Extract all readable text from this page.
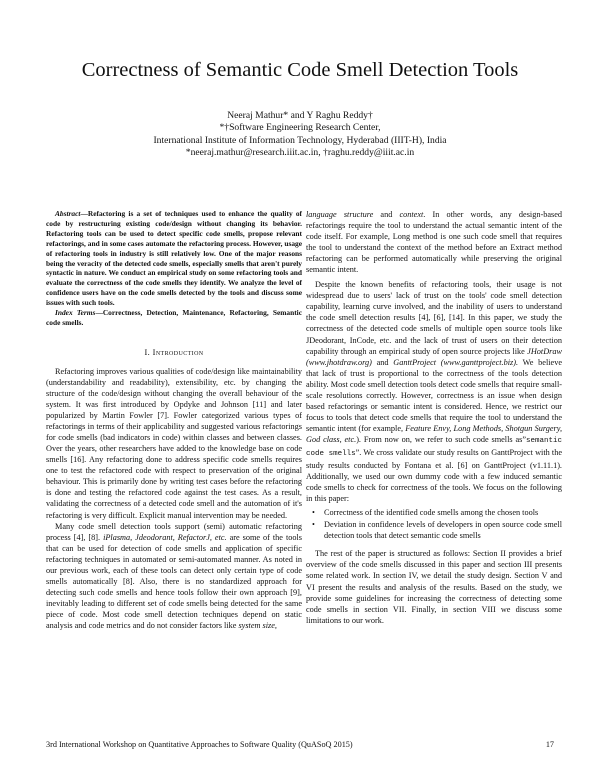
Correctness of Semantic Code Smell Detection Tools
Neeraj Mathur* and Y Raghu Reddy†
*†Software Engineering Research Center,
International Institute of Information Technology, Hyderabad (IIIT-H), India
*neeraj.mathur@research.iiit.ac.in, †raghu.reddy@iiit.ac.in

Abstract—Refactoring is a set of techniques used to enhance the quality of code by restructuring existing code/design without changing its behavior. Refactoring tools can be used to detect specific code smells, propose relevant refactorings, and in some cases automate the refactoring process. However, usage of refactoring tools in industry is still relatively low. One of the major reasons being the veracity of the detected code smells, especially smells that aren't purely syntactic in nature. We conduct an empirical study on some refactoring tools and evaluate the correctness of the code smells they identify. We analyze the level of confidence users have on the code smells detected by the tools and discuss some issues with such tools.

Index Terms—Correctness, Detection, Maintenance, Refactoring, Semantic code smells.

I. Introduction

Refactoring improves various qualities of code/design like maintainability (understandability and readability), extensibility, etc. by changing the structure of the code/design without changing the overall behaviour of the system. It was first introduced by Opdyke and Johnson [11] and later popularized by Martin Fowler [7]. Fowler categorized various types of refactorings in terms of their applicability and suggested various refactorings for code smells (bad indicators in code) within classes and between classes. Over the years, other researchers have added to the knowledge base on code smells [16]. Any refactoring done to address specific code smells requires one to test the refactored code with respect to preservation of the original behaviour. This is primarily done by writing test cases before the refactoring is done and testing the refactored code against the test cases. As a result, validating the correctness of a detected code smell and the automation of it's refactoring is very difficult. Explicit manual intervention may be needed.

Many code smell detection tools support (semi) automatic refactoring process [4], [8]. iPlasma, Jdeodorant, RefactorJ, etc. are some of the tools that can be used for detection of code smells and application of specific refactoring techniques in automated or semi-automated manner. As noted in our previous work, each of these tools can detect only certain type of code smells automatically [8]. Also, there is no standardized approach for detecting such code smells and hence tools follow their own approach [9], inevitably leading to different set of code smells being detected for the same piece of code. Most code smell detection techniques depend on static analysis and code metrics and do not consider factors like system size,

language structure and context. In other words, any design-based refactorings require the tool to understand the actual semantic intent of the code itself. For example, Long method is one such code smell that requires the tool to understand the context of the method before an Extract method refactoring can be performed automatically while preserving the original semantic intent.

Despite the known benefits of refactoring tools, their usage is not widespread due to users' lack of trust on the tools' code smell detection capability, learning curve involved, and the inability of users to understand the code smell detection results [4], [6], [14]. In this paper, we study the correctness of the detected code smells of multiple open source tools like JDeodorant, InCode, etc. and the lack of trust of users on their detection capability through an empirical study of open source projects like JHotDraw (www.jhotdraw.org) and GanttProject (www.ganttproject.biz). We believe that lack of trust is proportional to the correctness of the tools detection ability. Most code smell detection tools detect code smells that require small-scale resolutions correctly. However, correctness is an issue when design based refactorings or semantic intent is considered. Hence, we restrict our focus to tools that detect code smells that require the tool to understand the semantic intent (for example, Feature Envy, Long Methods, Shotgun Surgery, God class, etc.). From now on, we refer to such code smells as”semantic code smells”. We cross validate our study results on GanttProject with the study results conducted by Fontana et al. [6] on GanttProject (v1.11.1). Additionally, we used our own dummy code with a few induced semantic code smells to check for correctness of the tools. We focus on the following in this paper:

• Correctness of the identified code smells among the chosen tools
• Deviation in confidence levels of developers in open source code smell detection tools that detect semantic code smells

The rest of the paper is structured as follows: Section II provides a brief overview of the code smells discussed in this paper and section III presents some related work. In section IV, we detail the study design. Section V and VI present the results and analysis of the results. Based on the study, we provide some guidelines for increasing the correctness of detecting some code smells in section VII. Finally, in section VIII we discuss some limitations to our work.

3rd International Workshop on Quantitative Approaches to Software Quality (QuASoQ 2015)	17
